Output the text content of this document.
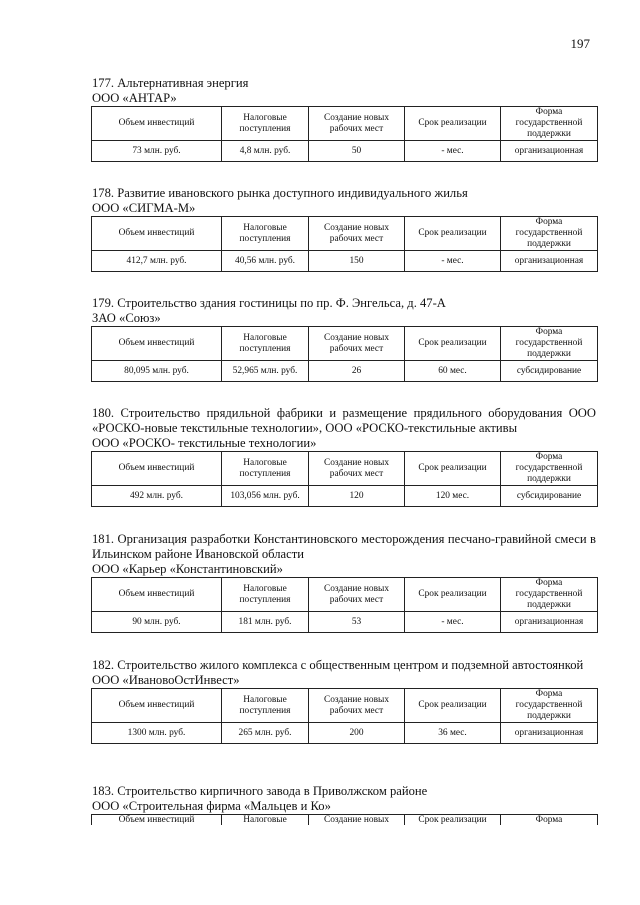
197

177. Альтернативная энергия

ООО «АНТАР»

Объем инвестиций	Налоговые поступления	Создание новых рабочих мест	Срок реализации	Форма государственной поддержки
73 млн. руб.	4,8 млн. руб.	50	- мес.	организационная

178. Развитие ивановского рынка доступного индивидуального жилья

ООО «СИГМА-М»

Объем инвестиций	Налоговые поступления	Создание новых рабочих мест	Срок реализации	Форма государственной поддержки
412,7 млн. руб.	40,56 млн. руб.	150	- мес.	организационная

179. Строительство здания гостиницы по пр. Ф. Энгельса, д. 47-А

ЗАО «Союз»

Объем инвестиций	Налоговые поступления	Создание новых рабочих мест	Срок реализации	Форма государственной поддержки
80,095 млн. руб.	52,965 млн. руб.	26	60 мес.	субсидирование

180. Строительство прядильной фабрики и размещение прядильного оборудования ООО «РОСКО-новые текстильные технологии», ООО «РОСКО-текстильные активы

ООО «РОСКО- текстильные технологии»

Объем инвестиций	Налоговые поступления	Создание новых рабочих мест	Срок реализации	Форма государственной поддержки
492 млн. руб.	103,056 млн. руб.	120	120 мес.	субсидирование

181. Организация разработки Константиновского месторождения песчано-гравийной смеси в Ильинском районе Ивановской области

ООО «Карьер «Константиновский»

Объем инвестиций	Налоговые поступления	Создание новых рабочих мест	Срок реализации	Форма государственной поддержки
90 млн. руб.	181 млн. руб.	53	- мес.	организационная

182. Строительство жилого комплекса с общественным центром и подземной автостоянкой

ООО «ИвановоОстИнвест»

Объем инвестиций	Налоговые поступления	Создание новых рабочих мест	Срок реализации	Форма государственной поддержки
1300 млн. руб.	265 млн. руб.	200	36 мес.	организационная

183. Строительство кирпичного завода в Приволжском районе

ООО «Строительная фирма «Мальцев и Ко»

Объем инвестиций	Налоговые	Создание новых	Срок реализации	Форма
